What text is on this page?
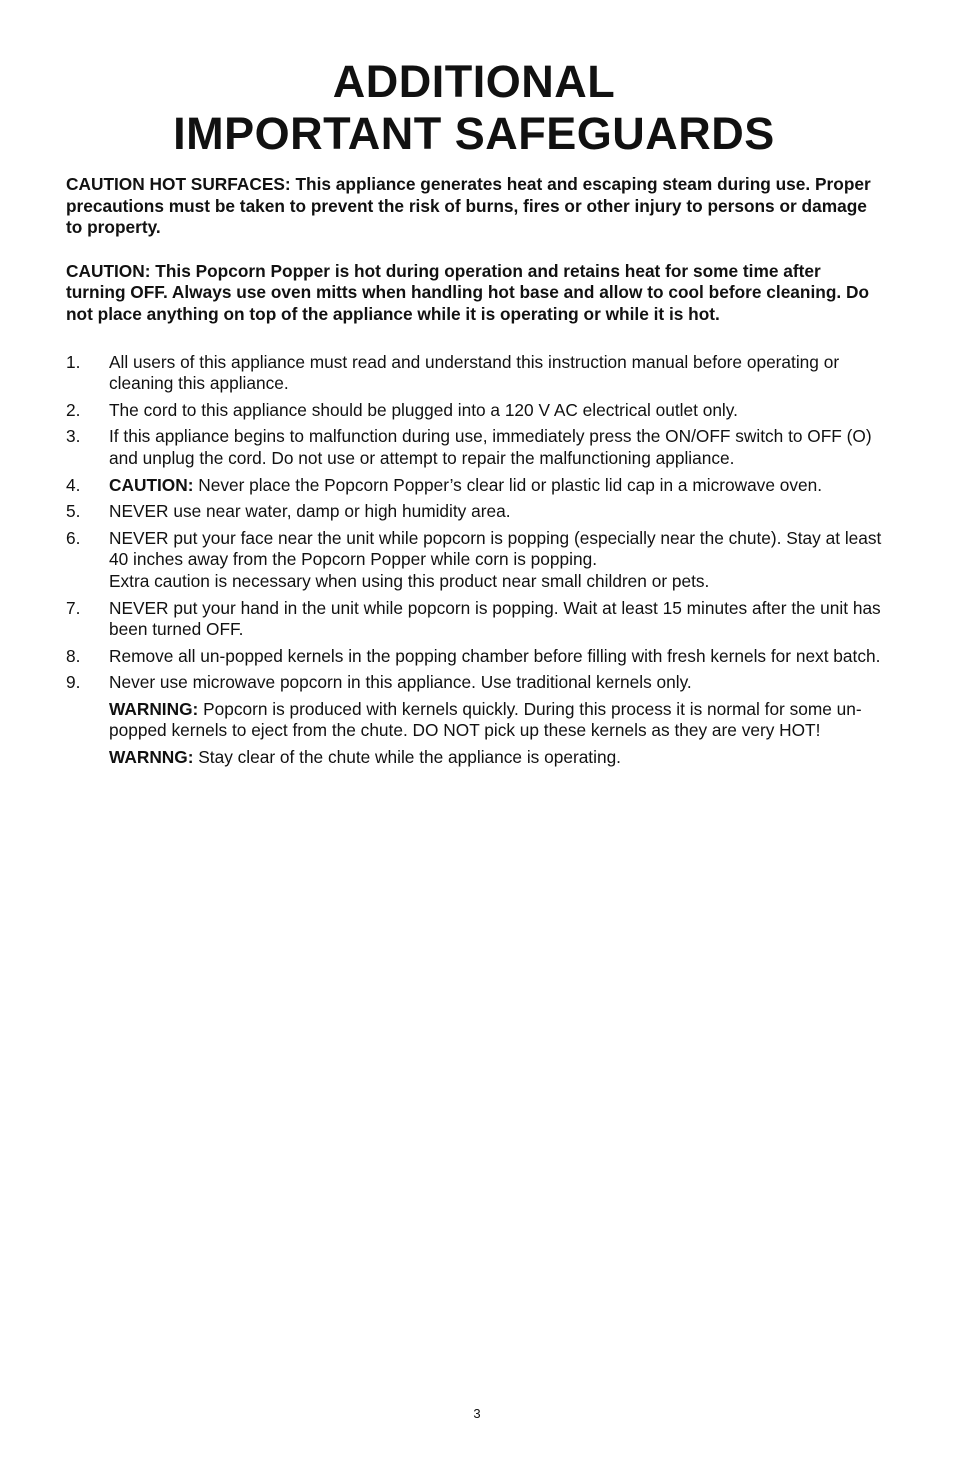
ADDITIONAL
IMPORTANT SAFEGUARDS

CAUTION HOT SURFACES: This appliance generates heat and escaping steam during use. Proper precautions must be taken to prevent the risk of burns, fires or other injury to persons or damage to property.

CAUTION: This Popcorn Popper is hot during operation and retains heat for some time after turning OFF. Always use oven mitts when handling hot base and allow to cool before cleaning. Do not place anything on top of the appliance while it is operating or while it is hot.

1.	All users of this appliance must read and understand this instruction manual before operating or cleaning this appliance.
2.	The cord to this appliance should be plugged into a 120 V AC electrical outlet only.
3.	If this appliance begins to malfunction during use, immediately press the ON/OFF switch to OFF (O) and unplug the cord. Do not use or attempt to repair the malfunctioning appliance.
4.	CAUTION: Never place the Popcorn Popper’s clear lid or plastic lid cap in a microwave oven.
5.	NEVER use near water, damp or high humidity area.
6.	NEVER put your face near the unit while popcorn is popping (especially near the chute). Stay at least 40 inches away from the Popcorn Popper while corn is popping.
Extra caution is necessary when using this product near small children or pets.
7.	NEVER put your hand in the unit while popcorn is popping. Wait at least 15 minutes after the unit has been turned OFF.
8.	Remove all un-popped kernels in the popping chamber before filling with fresh kernels for next batch.
9.	Never use microwave popcorn in this appliance. Use traditional kernels only.

WARNING: Popcorn is produced with kernels quickly. During this process it is normal for some un-popped kernels to eject from the chute. DO NOT pick up these kernels as they are very HOT!

WARNNG: Stay clear of the chute while the appliance is operating.

3
